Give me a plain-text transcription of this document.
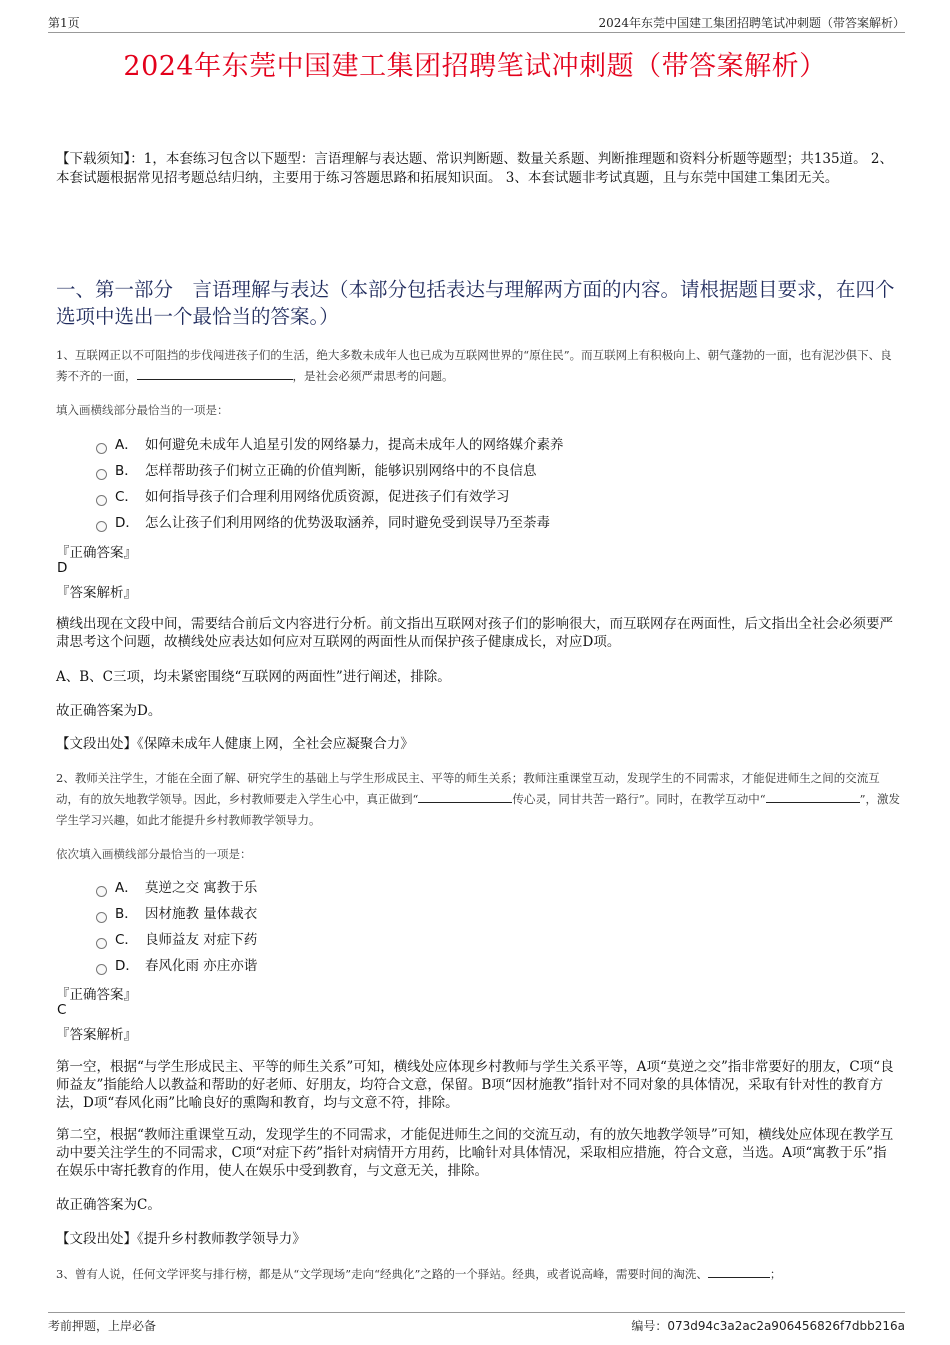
第1页	2024年东莞中国建工集团招聘笔试冲刺题（带答案解析）
2024年东莞中国建工集团招聘笔试冲刺题（带答案解析）
【下载须知】：1，本套练习包含以下题型：言语理解与表达题、常识判断题、数量关系题、判断推理题和资料分析题等题型；共135道。 2、本套试题根据常见招考题总结归纳，主要用于练习答题思路和拓展知识面。 3、本套试题非考试真题，且与东莞中国建工集团无关。
一、第一部分　言语理解与表达（本部分包括表达与理解两方面的内容。请根据题目要求，在四个选项中选出一个最恰当的答案。）
1、互联网正以不可阻挡的步伐闯进孩子们的生活，绝大多数未成年人也已成为互联网世界的“原住民”。而互联网上有积极向上、朝气蓬勃的一面，也有泥沙俱下、良莠不齐的一面，	，是社会必须严肃思考的问题。
填入画横线部分最恰当的一项是：
A． 如何避免未成年人追星引发的网络暴力，提高未成年人的网络媒介素养
B． 怎样帮助孩子们树立正确的价值判断，能够识别网络中的不良信息
C． 如何指导孩子们合理利用网络优质资源，促进孩子们有效学习
D． 怎么让孩子们利用网络的优势汲取涵养，同时避免受到误导乃至荼毒
『正确答案』
D
『答案解析』
横线出现在文段中间，需要结合前后文内容进行分析。前文指出互联网对孩子们的影响很大，而互联网存在两面性，后文指出全社会必须要严肃思考这个问题，故横线处应表达如何应对互联网的两面性从而保护孩子健康成长，对应D项。
A、B、C三项，均未紧密围绕“互联网的两面性”进行阐述，排除。
故正确答案为D。
【文段出处】《保障未成年人健康上网，全社会应凝聚合力》
2、教师关注学生，才能在全面了解、研究学生的基础上与学生形成民主、平等的师生关系；教师注重课堂互动，发现学生的不同需求，才能促进师生之间的交流互动，有的放矢地教学领导。因此，乡村教师要走入学生心中，真正做到“	传心灵，同甘共苦一路行”。同时，在教学互动中“	”，激发学生学习兴趣，如此才能提升乡村教师教学领导力。
依次填入画横线部分最恰当的一项是：
A． 莫逆之交 寓教于乐
B． 因材施教 量体裁衣
C． 良师益友 对症下药
D． 春风化雨 亦庄亦谐
『正确答案』
C
『答案解析』
第一空，根据“与学生形成民主、平等的师生关系”可知，横线处应体现乡村教师与学生关系平等，A项“莫逆之交”指非常要好的朋友，C项“良师益友”指能给人以教益和帮助的好老师、好朋友，均符合文意，保留。B项“因材施教”指针对不同对象的具体情况，采取有针对性的教育方法，D项“春风化雨”比喻良好的熏陶和教育，均与文意不符，排除。
第二空，根据“教师注重课堂互动，发现学生的不同需求，才能促进师生之间的交流互动，有的放矢地教学领导”可知，横线处应体现在教学互动中要关注学生的不同需求，C项“对症下药”指针对病情开方用药，比喻针对具体情况，采取相应措施，符合文意，当选。A项“寓教于乐”指在娱乐中寄托教育的作用，使人在娱乐中受到教育，与文意无关，排除。
故正确答案为C。
【文段出处】《提升乡村教师教学领导力》
3、曾有人说，任何文学评奖与排行榜，都是从“文学现场”走向“经典化”之路的一个驿站。经典，或者说高峰，需要时间的淘洗、	；
考前押题，上岸必备	编号：073d94c3a2ac2a906456826f7dbb216a
